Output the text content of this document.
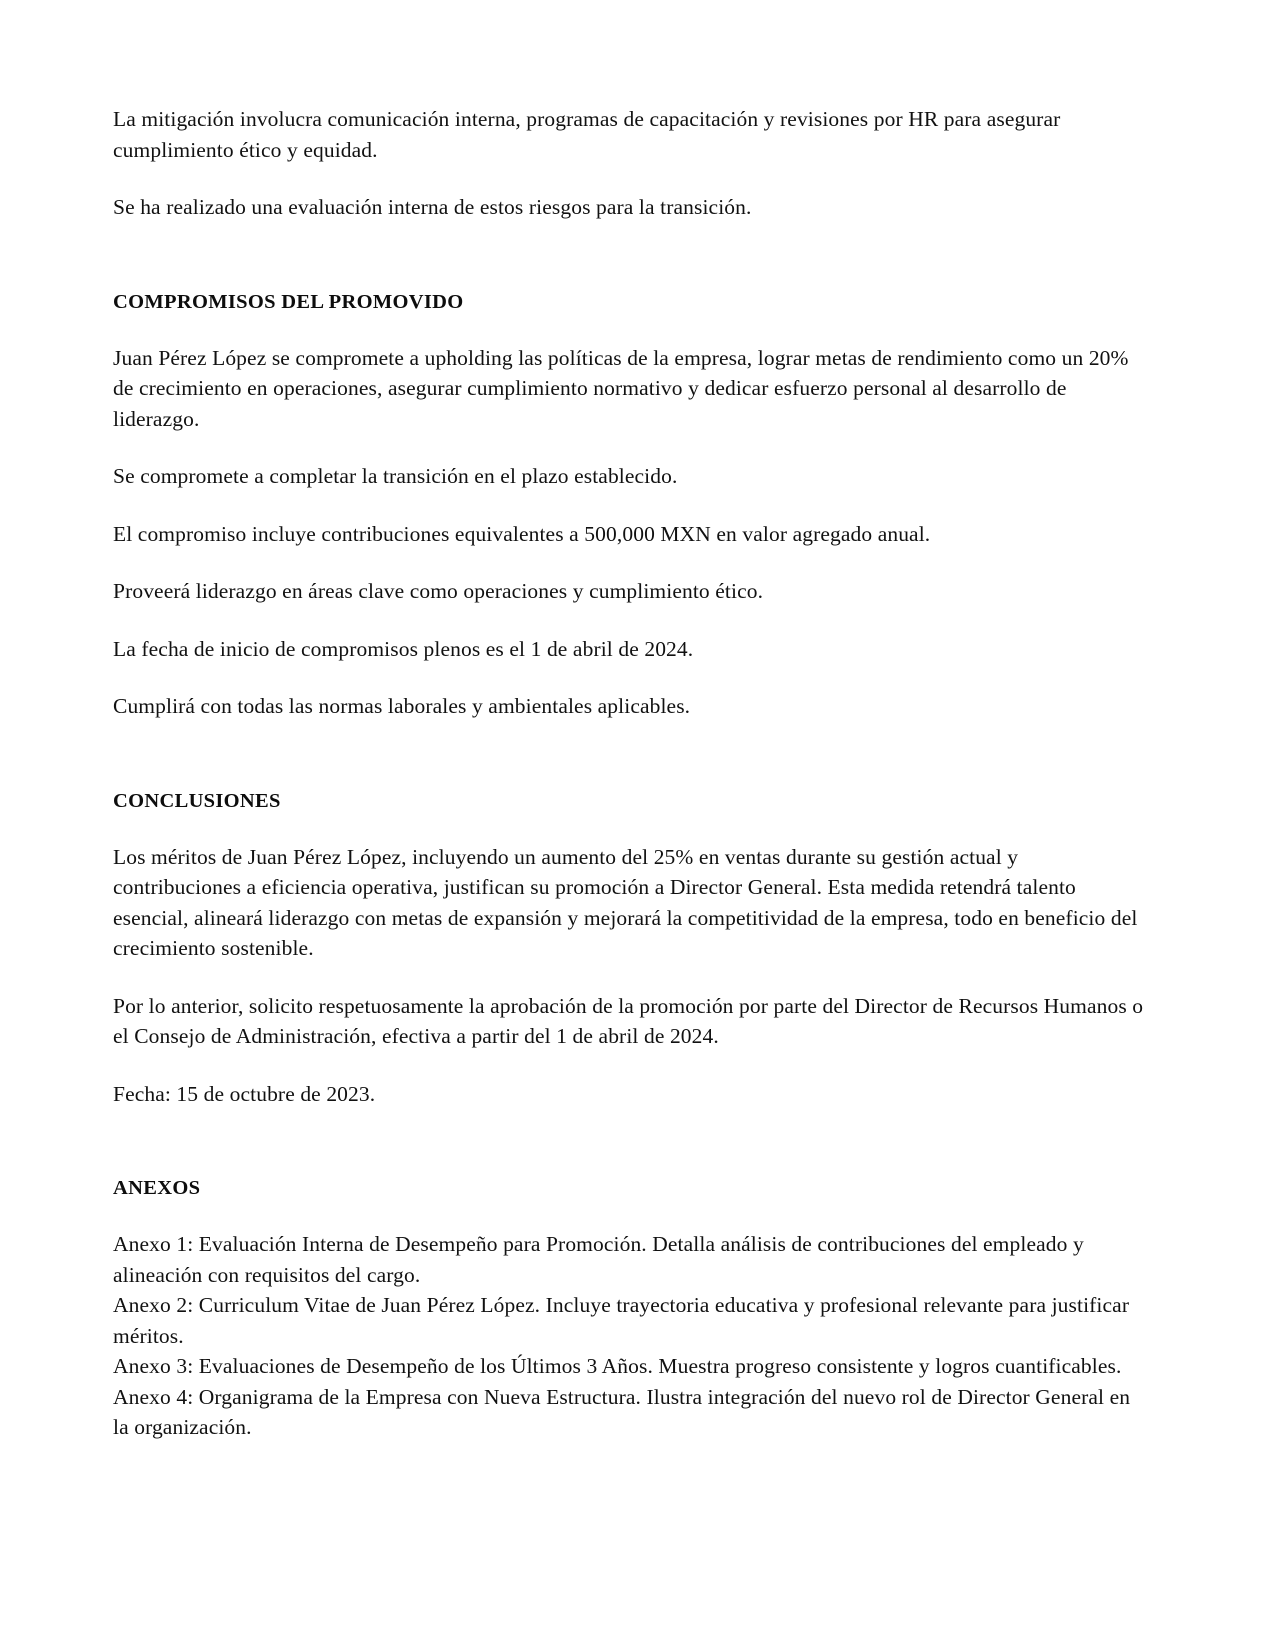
La mitigación involucra comunicación interna, programas de capacitación y revisiones por HR para asegurar cumplimiento ético y equidad.

Se ha realizado una evaluación interna de estos riesgos para la transición.

COMPROMISOS DEL PROMOVIDO

Juan Pérez López se compromete a upholding las políticas de la empresa, lograr metas de rendimiento como un 20% de crecimiento en operaciones, asegurar cumplimiento normativo y dedicar esfuerzo personal al desarrollo de liderazgo.

Se compromete a completar la transición en el plazo establecido.

El compromiso incluye contribuciones equivalentes a 500,000 MXN en valor agregado anual.

Proveerá liderazgo en áreas clave como operaciones y cumplimiento ético.

La fecha de inicio de compromisos plenos es el 1 de abril de 2024.

Cumplirá con todas las normas laborales y ambientales aplicables.

CONCLUSIONES

Los méritos de Juan Pérez López, incluyendo un aumento del 25% en ventas durante su gestión actual y contribuciones a eficiencia operativa, justifican su promoción a Director General. Esta medida retendrá talento esencial, alineará liderazgo con metas de expansión y mejorará la competitividad de la empresa, todo en beneficio del crecimiento sostenible.

Por lo anterior, solicito respetuosamente la aprobación de la promoción por parte del Director de Recursos Humanos o el Consejo de Administración, efectiva a partir del 1 de abril de 2024.

Fecha: 15 de octubre de 2023.

ANEXOS

Anexo 1: Evaluación Interna de Desempeño para Promoción. Detalla análisis de contribuciones del empleado y alineación con requisitos del cargo.

Anexo 2: Curriculum Vitae de Juan Pérez López. Incluye trayectoria educativa y profesional relevante para justificar méritos.

Anexo 3: Evaluaciones de Desempeño de los Últimos 3 Años. Muestra progreso consistente y logros cuantificables.

Anexo 4: Organigrama de la Empresa con Nueva Estructura. Ilustra integración del nuevo rol de Director General en la organización.
